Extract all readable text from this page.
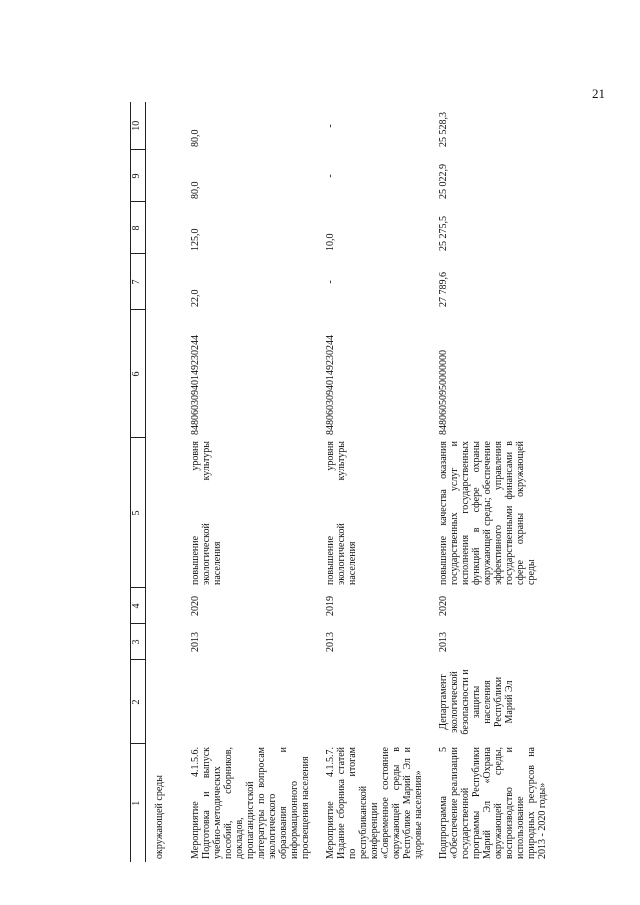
21
1	2	3	4	5	6	7	8	9	10
окружающей среды									
Мероприятие 4.1.5.6. Подготовка и выпуск учебно-методических пособий, сборников, докладов, пропагандистской литературы по вопросам экологического образования и информационного просвещения населения		2013	2020	повышение уровня экологической культуры населения	84806030940149230244	22,0	125,0	80,0	80,0
Мероприятие 4.1.5.7. Издание сборника статей по итогам республиканской конференции «Современное состояние окружающей среды в Республике Марий Эл и здоровье населения»		2013	2019	повышение уровня экологической культуры населения	84806030940149230244	-	10,0	-	-
Подпрограмма 5 «Обеспечение реализации государственной программы Республики Марий Эл «Охрана окружающей среды, воспроизводство и использование природных ресурсов на 2013 - 2020 годы»	Департамент экологической безопасности и защиты населения Республики Марий Эл	2013	2020	повышение качества оказания государственных услуг и исполнения государственных функций в сфере охраны окружающей среды; обеспечение эффективного управления государственными финансами в сфере охраны окружающей среды	84806050950000000	27 789,6	25 275,5	25 022,9	25 528,3
